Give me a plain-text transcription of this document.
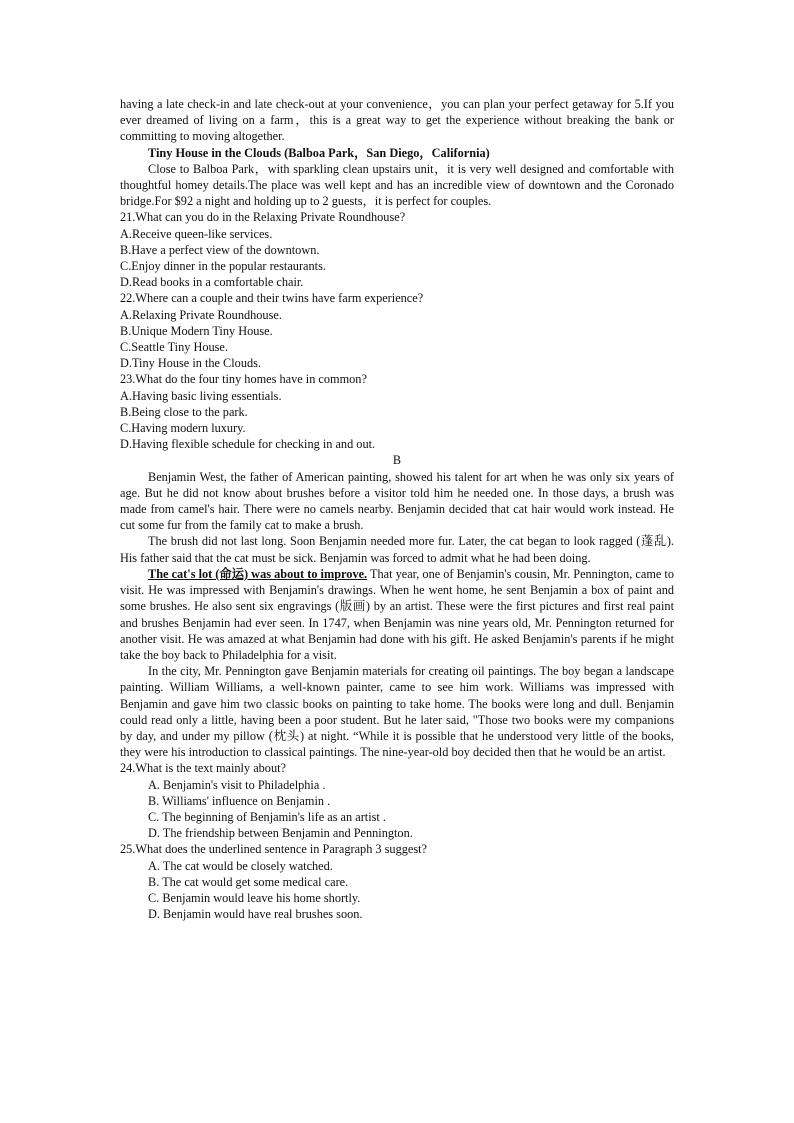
having a late check-in and late check-out at your convenience，you can plan your perfect getaway for 5.If you ever dreamed of living on a farm，this is a great way to get the experience without breaking the bank or committing to moving altogether.

Tiny House in the Clouds (Balboa Park，San Diego，California)

Close to Balboa Park，with sparkling clean upstairs unit，it is very well designed and comfortable with thoughtful homey details.The place was well kept and has an incredible view of downtown and the Coronado bridge.For $92 a night and holding up to 2 guests，it is perfect for couples.

21.What can you do in the Relaxing Private Roundhouse?

A.Receive queen-like services.

B.Have a perfect view of the downtown.

C.Enjoy dinner in the popular restaurants.

D.Read books in a comfortable chair.

22.Where can a couple and their twins have farm experience?

A.Relaxing Private Roundhouse.

B.Unique Modern Tiny House.

C.Seattle Tiny House.

D.Tiny House in the Clouds.

23.What do the four tiny homes have in common?

A.Having basic living essentials.

B.Being close to the park.

C.Having modern luxury.

D.Having flexible schedule for checking in and out.

B

Benjamin West, the father of American painting, showed his talent for art when he was only six years of age. But he did not know about brushes before a visitor told him he needed one. In those days, a brush was made from camel's hair. There were no camels nearby. Benjamin decided that cat hair would work instead. He cut some fur from the family cat to make a brush.

The brush did not last long. Soon Benjamin needed more fur. Later, the cat began to look ragged (蓬乱). His father said that the cat must be sick. Benjamin was forced to admit what he had been doing.

The cat's lot (命运) was about to improve. That year, one of Benjamin's cousin, Mr. Pennington, came to visit. He was impressed with Benjamin's drawings. When he went home, he sent Benjamin a box of paint and some brushes. He also sent six engravings (版画) by an artist. These were the first pictures and first real paint and brushes Benjamin had ever seen. In 1747, when Benjamin was nine years old, Mr. Pennington returned for another visit. He was amazed at what Benjamin had done with his gift. He asked Benjamin's parents if he might take the boy back to Philadelphia for a visit.

In the city, Mr. Pennington gave Benjamin materials for creating oil paintings. The boy began a landscape painting. William Williams, a well-known painter, came to see him work. Williams was impressed with Benjamin and gave him two classic books on painting to take home. The books were long and dull. Benjamin could read only a little, having been a poor student. But he later said, "Those two books were my companions by day, and under my pillow (枕头) at night. “While it is possible that he understood very little of the books, they were his introduction to classical paintings. The nine-year-old boy decided then that he would be an artist.

24.What is the text mainly about?

A. Benjamin's visit to Philadelphia .

B. Williams' influence on Benjamin .

C. The beginning of Benjamin's life as an artist .

D. The friendship between Benjamin and Pennington.

25.What does the underlined sentence in Paragraph 3 suggest?

A. The cat would be closely watched.

B. The cat would get some medical care.

C. Benjamin would leave his home shortly.

D. Benjamin would have real brushes soon.
